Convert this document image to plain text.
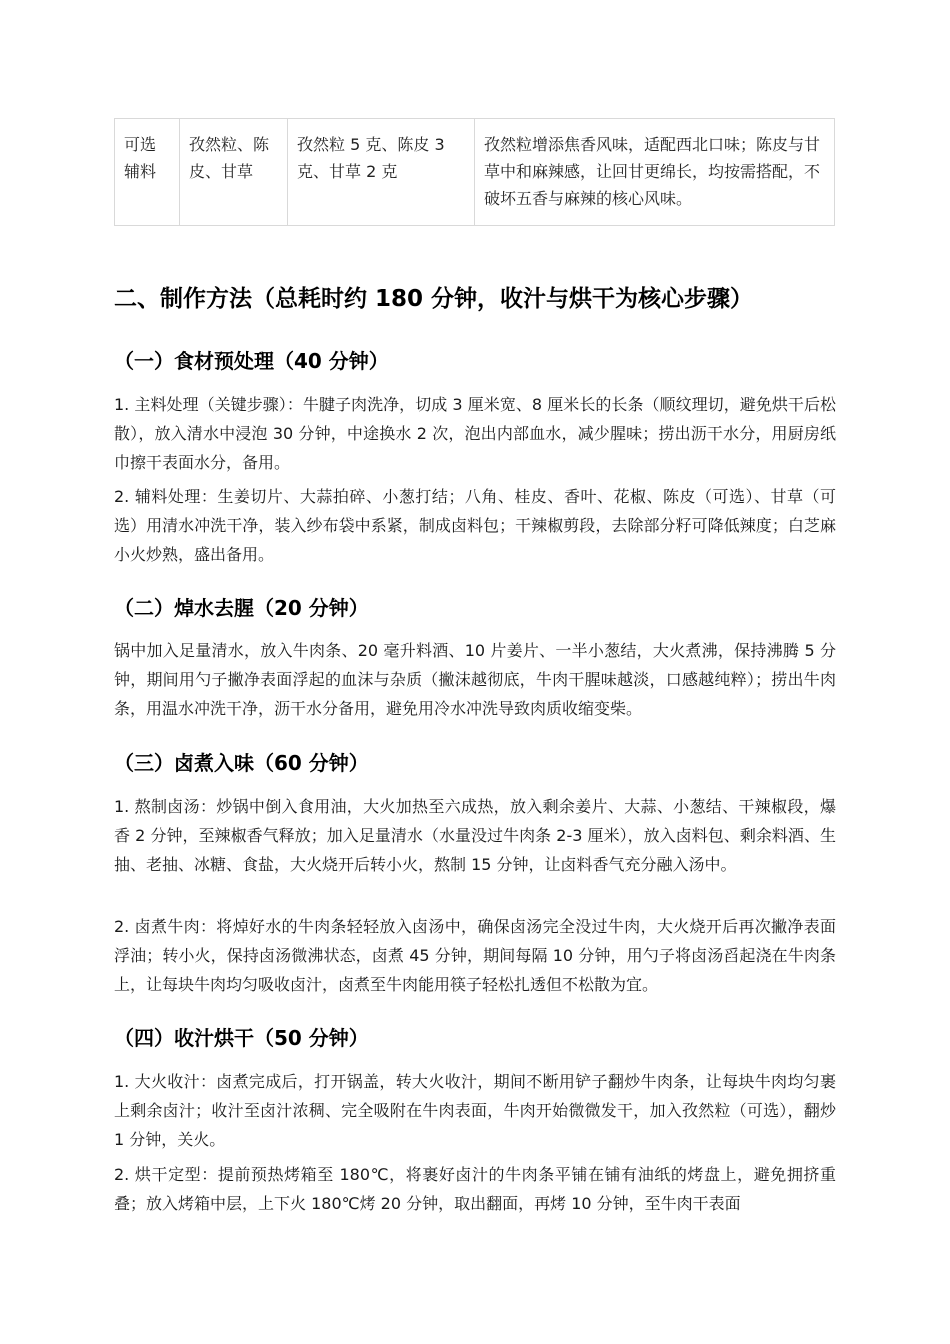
可选辅料	孜然粒、陈皮、甘草	孜然粒 5 克、陈皮 3 克、甘草 2 克	孜然粒增添焦香风味，适配西北口味；陈皮与甘草中和麻辣感，让回甘更绵长，均按需搭配，不破坏五香与麻辣的核心风味。
二、制作方法（总耗时约 180 分钟，收汁与烘干为核心步骤）
（一）食材预处理（40 分钟）

1. 主料处理（关键步骤）：牛腱子肉洗净，切成 3 厘米宽、8 厘米长的长条（顺纹理切，避免烘干后松散），放入清水中浸泡 30 分钟，中途换水 2 次，泡出内部血水，减少腥味；捞出沥干水分，用厨房纸巾擦干表面水分，备用。

2. 辅料处理：生姜切片、大蒜拍碎、小葱打结；八角、桂皮、香叶、花椒、陈皮（可选）、甘草（可选）用清水冲洗干净，装入纱布袋中系紧，制成卤料包；干辣椒剪段，去除部分籽可降低辣度；白芝麻小火炒熟，盛出备用。

（二）焯水去腥（20 分钟）

锅中加入足量清水，放入牛肉条、20 毫升料酒、10 片姜片、一半小葱结，大火煮沸，保持沸腾 5 分钟，期间用勺子撇净表面浮起的血沫与杂质（撇沫越彻底，牛肉干腥味越淡，口感越纯粹）；捞出牛肉条，用温水冲洗干净，沥干水分备用，避免用冷水冲洗导致肉质收缩变柴。

（三）卤煮入味（60 分钟）

1. 熬制卤汤：炒锅中倒入食用油，大火加热至六成热，放入剩余姜片、大蒜、小葱结、干辣椒段，爆香 2 分钟，至辣椒香气释放；加入足量清水（水量没过牛肉条 2-3 厘米），放入卤料包、剩余料酒、生抽、老抽、冰糖、食盐，大火烧开后转小火，熬制 15 分钟，让卤料香气充分融入汤中。

2. 卤煮牛肉：将焯好水的牛肉条轻轻放入卤汤中，确保卤汤完全没过牛肉，大火烧开后再次撇净表面浮油；转小火，保持卤汤微沸状态，卤煮 45 分钟，期间每隔 10 分钟，用勺子将卤汤舀起浇在牛肉条上，让每块牛肉均匀吸收卤汁，卤煮至牛肉能用筷子轻松扎透但不松散为宜。

（四）收汁烘干（50 分钟）

1. 大火收汁：卤煮完成后，打开锅盖，转大火收汁，期间不断用铲子翻炒牛肉条，让每块牛肉均匀裹上剩余卤汁；收汁至卤汁浓稠、完全吸附在牛肉表面，牛肉开始微微发干，加入孜然粒（可选），翻炒 1 分钟，关火。

2. 烘干定型：提前预热烤箱至 180℃，将裹好卤汁的牛肉条平铺在铺有油纸的烤盘上，避免拥挤重叠；放入烤箱中层，上下火 180℃烤 20 分钟，取出翻面，再烤 10 分钟，至牛肉干表面
